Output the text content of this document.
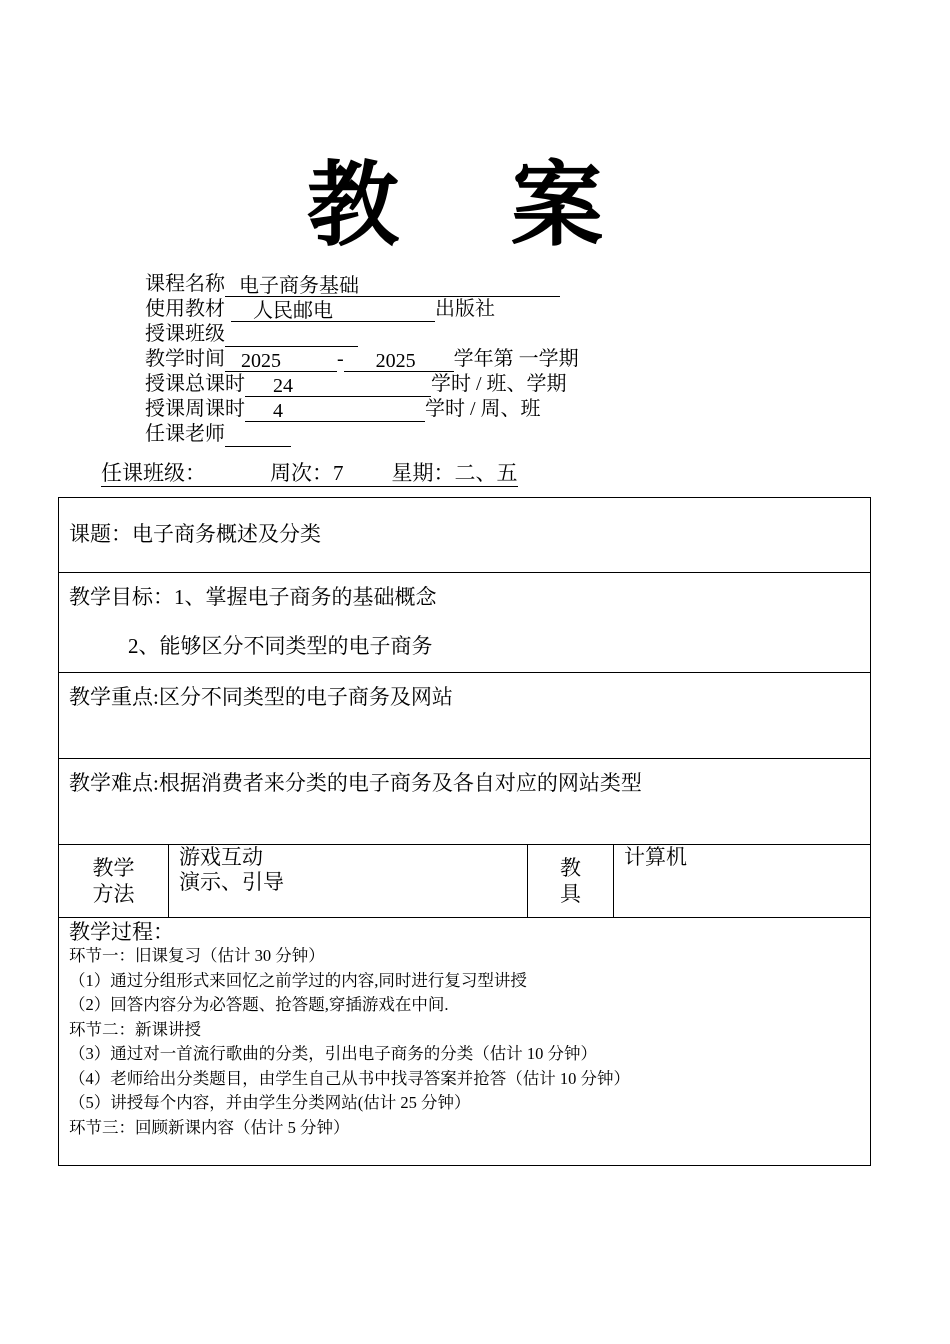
教 案
课程名称 电子商务基础
使用教材 人民邮电	出版社
授课班级
教学时间 2025	- 2025 学年第 一学期
授课总课时 24	学时 / 班、学期
授课周课时 4	学时 / 周、班
任课老师
任课班级：	周次：7 星期：二、五
课题：电子商务概述及分类

教学目标：1、掌握电子商务的基础概念
2、能够区分不同类型的电子商务

教学重点:区分不同类型的电子商务及网站

教学难点:根据消费者来分类的电子商务及各自对应的网站类型

教学
方法

游戏互动
演示、引导

教
具

计算机

教学过程：
环节一：旧课复习（估计 30 分钟）
（1）通过分组形式来回忆之前学过的内容,同时进行复习型讲授
（2）回答内容分为必答题、抢答题,穿插游戏在中间.
环节二：新课讲授
（3）通过对一首流行歌曲的分类，引出电子商务的分类（估计 10 分钟）
（4）老师给出分类题目，由学生自己从书中找寻答案并抢答（估计 10 分钟）
（5）讲授每个内容，并由学生分类网站(估计 25 分钟）
环节三：回顾新课内容（估计 5 分钟）
